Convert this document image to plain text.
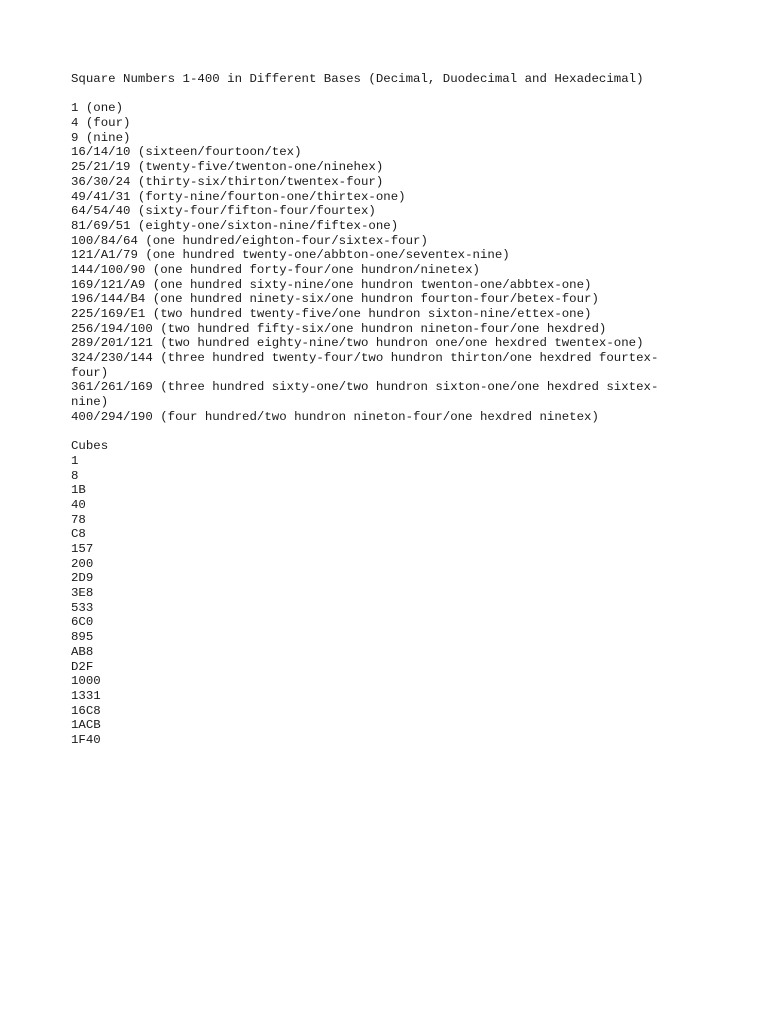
Square Numbers 1-400 in Different Bases (Decimal, Duodecimal and Hexadecimal)
1 (one)
4 (four)
9 (nine)
16/14/10 (sixteen/fourtoon/tex)
25/21/19 (twenty-five/twenton-one/ninehex)
36/30/24 (thirty-six/thirton/twentex-four)
49/41/31 (forty-nine/fourton-one/thirtex-one)
64/54/40 (sixty-four/fifton-four/fourtex)
81/69/51 (eighty-one/sixton-nine/fiftex-one)
100/84/64 (one hundred/eighton-four/sixtex-four)
121/A1/79 (one hundred twenty-one/abbton-one/seventex-nine)
144/100/90 (one hundred forty-four/one hundron/ninetex)
169/121/A9 (one hundred sixty-nine/one hundron twenton-one/abbtex-one)
196/144/B4 (one hundred ninety-six/one hundron fourton-four/betex-four)
225/169/E1 (two hundred twenty-five/one hundron sixton-nine/ettex-one)
256/194/100 (two hundred fifty-six/one hundron nineton-four/one hexdred)
289/201/121 (two hundred eighty-nine/two hundron one/one hexdred twentex-one)
324/230/144 (three hundred twenty-four/two hundron thirton/one hexdred fourtex-
four)
361/261/169 (three hundred sixty-one/two hundron sixton-one/one hexdred sixtex-
nine)
400/294/190 (four hundred/two hundron nineton-four/one hexdred ninetex)
Cubes
1
8
1B
40
78
C8
157
200
2D9
3E8
533
6C0
895
AB8
D2F
1000
1331
16C8
1ACB
1F40
